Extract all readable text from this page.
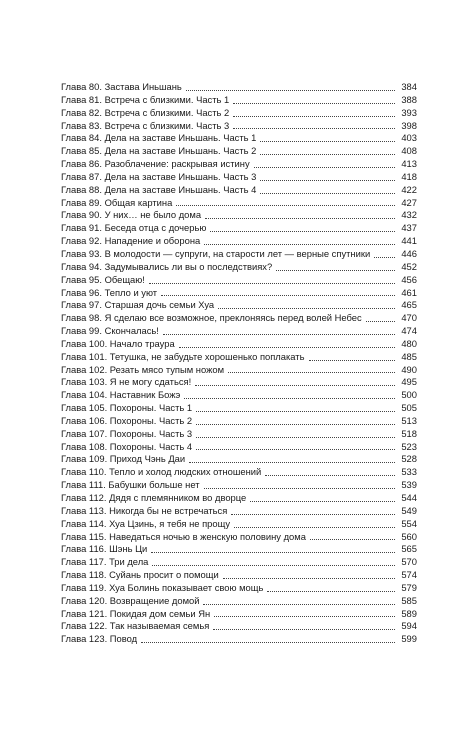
Глава 80. Застава Иньшань	384
Глава 81. Встреча с близкими. Часть 1	388
Глава 82. Встреча с близкими. Часть 2	393
Глава 83. Встреча с близкими. Часть 3	398
Глава 84. Дела на заставе Иньшань. Часть 1	403
Глава 85. Дела на заставе Иньшань. Часть 2	408
Глава 86. Разоблачение: раскрывая истину	413
Глава 87. Дела на заставе Иньшань. Часть 3	418
Глава 88. Дела на заставе Иньшань. Часть 4	422
Глава 89. Общая картина	427
Глава 90. У них… не было дома	432
Глава 91. Беседа отца с дочерью	437
Глава 92. Нападение и оборона	441
Глава 93. В молодости — супруги, на старости лет — верные спутники	446
Глава 94. Задумывались ли вы о последствиях?	452
Глава 95. Обещаю!	456
Глава 96. Тепло и уют	461
Глава 97. Старшая дочь семьи Хуа	465
Глава 98. Я сделаю все возможное, преклоняясь перед волей Небес	470
Глава 99. Скончалась!	474
Глава 100. Начало траура	480
Глава 101. Тетушка, не забудьте хорошенько поплакать	485
Глава 102. Резать мясо тупым ножом	490
Глава 103. Я не могу сдаться!	495
Глава 104. Наставник Божэ	500
Глава 105. Похороны. Часть 1	505
Глава 106. Похороны. Часть 2	513
Глава 107. Похороны. Часть 3	518
Глава 108. Похороны. Часть 4	523
Глава 109. Приход Чэнь Даи	528
Глава 110. Тепло и холод людских отношений	533
Глава 111. Бабушки больше нет	539
Глава 112. Дядя с племянником во дворце	544
Глава 113. Никогда бы не встречаться	549
Глава 114. Хуа Цзинь, я тебя не прощу	554
Глава 115. Наведаться ночью в женскую половину дома	560
Глава 116. Шэнь Ци	565
Глава 117. Три дела	570
Глава 118. Суйань просит о помощи	574
Глава 119. Хуа Болинь показывает свою мощь	579
Глава 120. Возвращение домой	585
Глава 121. Покидая дом семьи Ян	589
Глава 122. Так называемая семья	594
Глава 123. Повод	599
